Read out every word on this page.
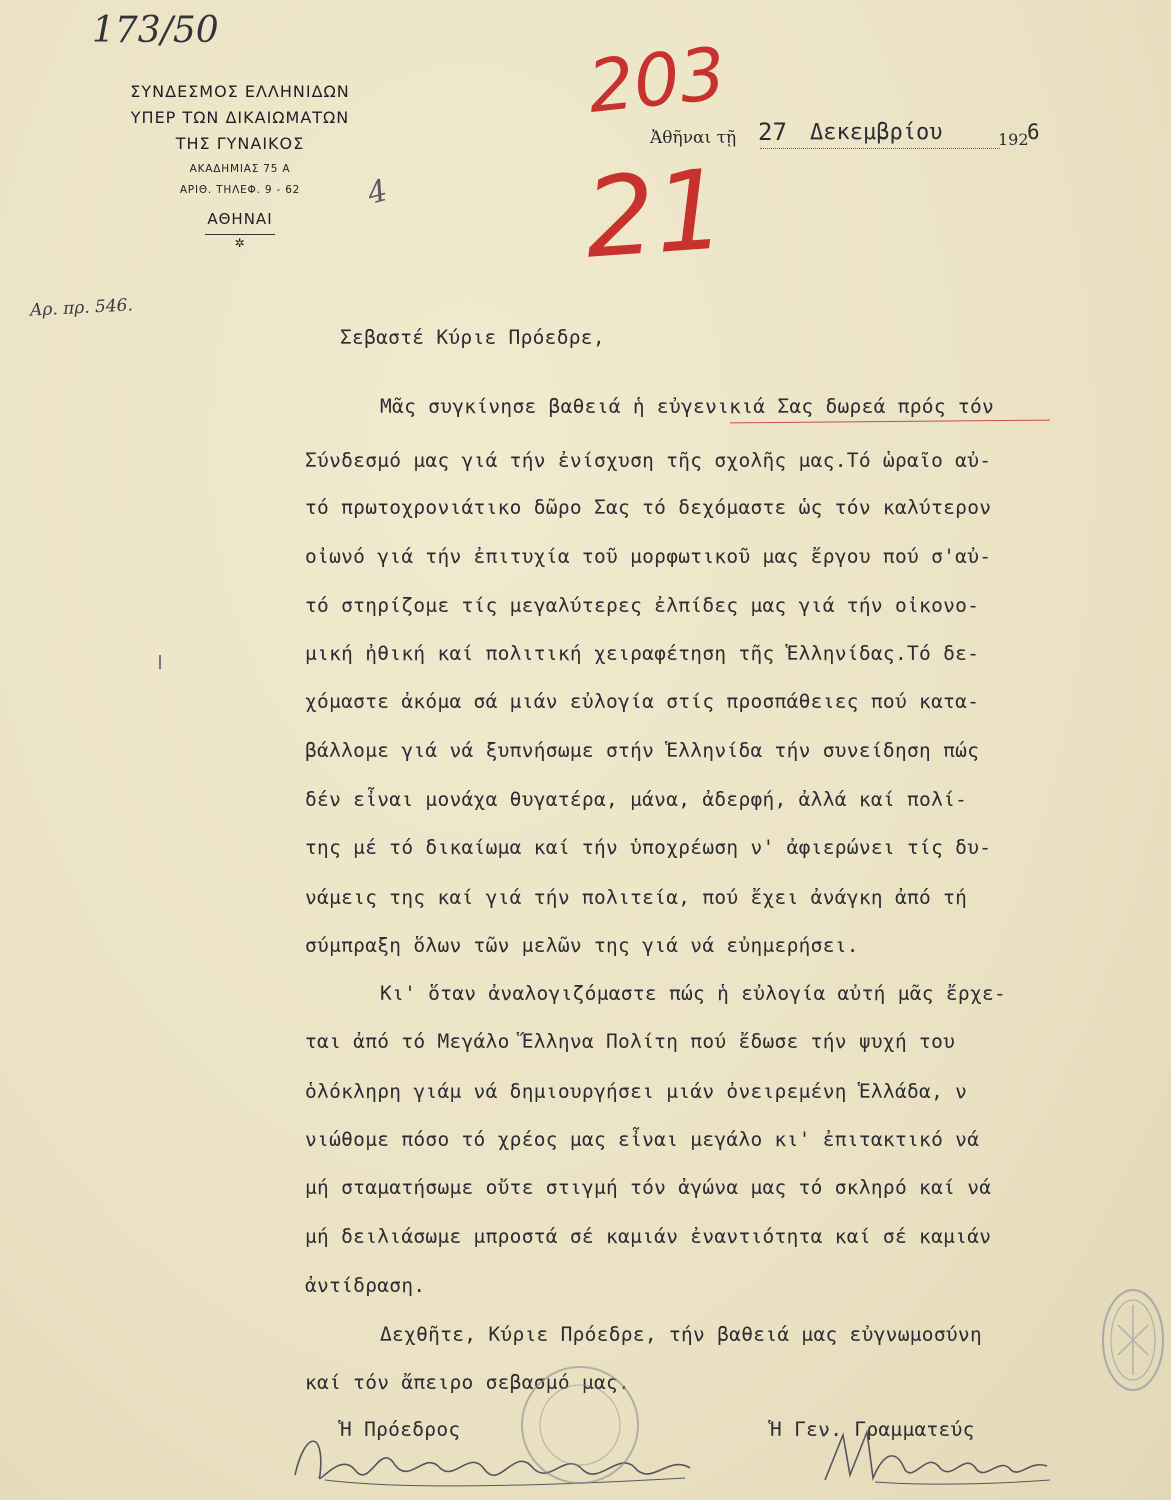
173/50
ΣΥΝΔΕΣΜΟΣ ΕΛΛΗΝΙΔΩΝ
ΥΠΕΡ ΤΩΝ ΔΙΚΑΙΩΜΑΤΩΝ
ΤΗΣ ΓΥΝΑΙΚΟΣ
ΑΚΑΔΗΜΙΑΣ 75 Α
ΑΡΙΘ. ΤΗΛΕΦ. 9 - 62
ΑΘΗΝΑΙ
✲
203
21
4
Ἀθῆναι τῇ 27 Δεκεμβρίου	192
6
Αρ. πρ. 546.
Σεβαστέ Κύριε Πρόεδρε,
Μᾶς συγκίνησε βαθειά ἡ εὐγενικιά Σας δωρεά πρός τόν
Σύνδεσμό μας γιά τήν ἐνίσχυση τῆς σχολῆς μας.Τό ὡραῖο αὐ-
τό πρωτοχρονιάτικο δῶρο Σας τό δεχόμαστε ὡς τόν καλύτερον
οἰωνό γιά τήν ἐπιτυχία τοῦ μορφωτικοῦ μας ἔργου πού σ'αὐ-
τό στηρίζομε τίς μεγαλύτερες ἐλπίδες μας γιά τήν οἰκονο-
μική ἠθική καί πολιτική χειραφέτηση τῆς Ἑλληνίδας.Τό δε-
χόμαστε ἀκόμα σά μιάν εὐλογία στίς προσπάθειες πού κατα-
βάλλομε γιά νά ξυπνήσωμε στήν Ἑλληνίδα τήν συνείδηση πώς
δέν εἶναι μονάχα θυγατέρα, μάνα, ἀδερφή, ἀλλά καί πολί-
της μέ τό δικαίωμα καί τήν ὑποχρέωση ν' ἀφιερώνει τίς δυ-
νάμεις της καί γιά τήν πολιτεία, πού ἔχει ἀνάγκη ἀπό τή
σύμπραξη ὅλων τῶν μελῶν της γιά νά εὐημερήσει.
Κι' ὅταν ἀναλογιζόμαστε πώς ἡ εὐλογία αὐτή μᾶς ἔρχε-
ται ἀπό τό Μεγάλο Ἕλληνα Πολίτη πού ἔδωσε τήν ψυχή του
ὁλόκληρη γιάμ νά δημιουργήσει μιάν ὀνειρεμένη Ἑλλάδα, ν
νιώθομε πόσο τό χρέος μας εἶναι μεγάλο κι' ἐπιτακτικό νά
μή σταματήσωμε οὔτε στιγμή τόν ἀγώνα μας τό σκληρό καί νά
μή δειλιάσωμε μπροστά σέ καμιάν ἐναντιότητα καί σέ καμιάν
ἀντίδραση.
Δεχθῆτε, Κύριε Πρόεδρε, τήν βαθειά μας εὐγνωμοσύνη
καί τόν ἄπειρο σεβασμό μας.
Ἡ Πρόεδρος	Ἡ Γεν. Γραμματεύς
